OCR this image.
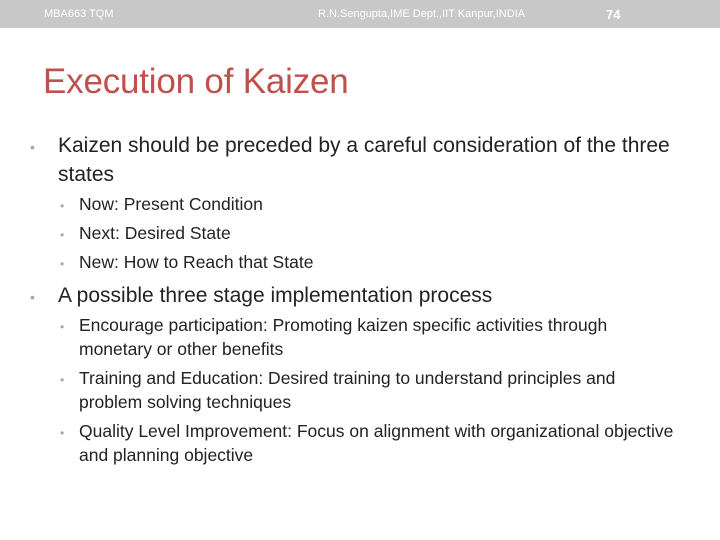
MBA663 TQM	R.N.Sengupta,IME Dept.,IIT Kanpur,INDIA	74
Execution of Kaizen
• Kaizen should be preceded by a careful consideration of the three states
• Now: Present Condition
• Next: Desired State
• New: How to Reach that State
• A possible three stage implementation process
• Encourage participation: Promoting kaizen specific activities through monetary or other benefits
• Training and Education: Desired training to understand principles and problem solving techniques
• Quality Level Improvement: Focus on alignment with organizational objective and planning objective
